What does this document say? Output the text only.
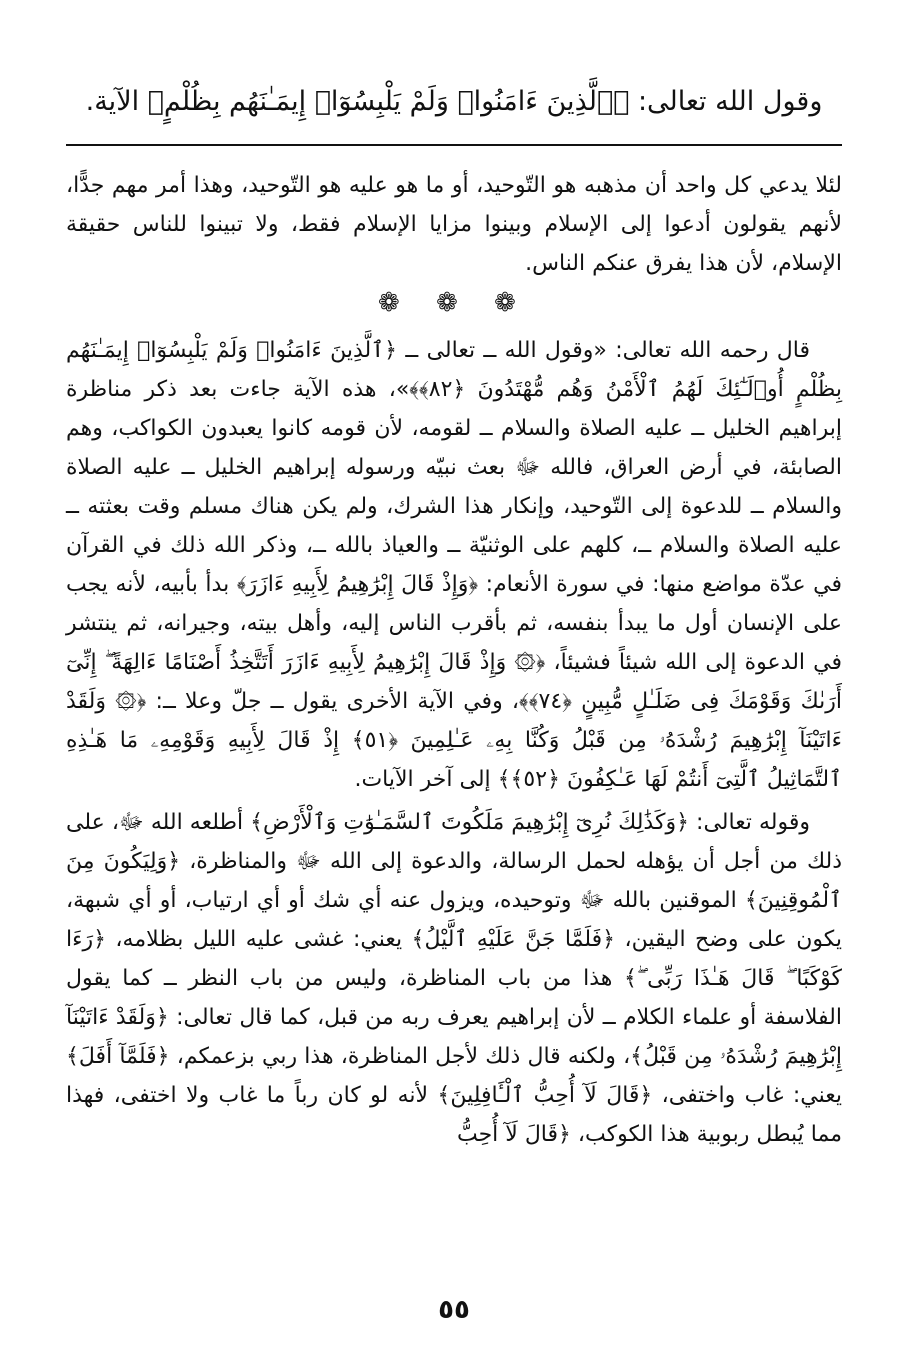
وقول الله تعالى: ﴿ٱلَّذِينَ ءَامَنُوا۟ وَلَمْ يَلْبِسُوٓا۟ إِيمَـٰنَهُم بِظُلْمٍ﴾ الآية.

لئلا يدعي كل واحد أن مذهبه هو التّوحيد، أو ما هو عليه هو التّوحيد، وهذا أمر مهم جدًّا، لأنهم يقولون أدعوا إلى الإسلام وبينوا مزايا الإسلام فقط، ولا تبينوا للناس حقيقة الإسلام، لأن هذا يفرق عنكم الناس.

❁ ❁ ❁

قال رحمه الله تعالى: «وقول الله ــ تعالى ــ ﴿ٱلَّذِينَ ءَامَنُوا۟ وَلَمْ يَلْبِسُوٓا۟ إِيمَـٰنَهُم بِظُلْمٍ أُو۟لَـٰٓئِكَ لَهُمُ ٱلْأَمْنُ وَهُم مُّهْتَدُونَ ﴿٨٢﴾﴾»، هذه الآية جاءت بعد ذكر مناظرة إبراهيم الخليل ــ عليه الصلاة والسلام ــ لقومه، لأن قومه كانوا يعبدون الكواكب، وهم الصابئة، في أرض العراق، فالله ﷻ بعث نبيّه ورسوله إبراهيم الخليل ــ عليه الصلاة والسلام ــ للدعوة إلى التّوحيد، وإنكار هذا الشرك، ولم يكن هناك مسلم وقت بعثته ــ عليه الصلاة والسلام ــ، كلهم على الوثنيّة ــ والعياذ بالله ــ، وذكر الله ذلك في القرآن في عدّة مواضع منها: في سورة الأنعام: ﴿وَإِذْ قَالَ إِبْرَٰهِيمُ لِأَبِيهِ ءَازَرَ﴾ بدأ بأبيه، لأنه يجب على الإنسان أول ما يبدأ بنفسه، ثم بأقرب الناس إليه، وأهل بيته، وجيرانه، ثم ينتشر في الدعوة إلى الله شيئاً فشيئاً، ﴿۞ وَإِذْ قَالَ إِبْرَٰهِيمُ لِأَبِيهِ ءَازَرَ أَتَتَّخِذُ أَصْنَامًا ءَالِهَةً ۖ إِنِّىٓ أَرَىٰكَ وَقَوْمَكَ فِى ضَلَـٰلٍ مُّبِينٍ ﴿٧٤﴾﴾، وفي الآية الأخرى يقول ــ جلّ وعلا ــ: ﴿۞ وَلَقَدْ ءَاتَيْنَآ إِبْرَٰهِيمَ رُشْدَهُۥ مِن قَبْلُ وَكُنَّا بِهِۦ عَـٰلِمِينَ ﴿٥١﴾ إِذْ قَالَ لِأَبِيهِ وَقَوْمِهِۦ مَا هَـٰذِهِ ٱلتَّمَاثِيلُ ٱلَّتِىٓ أَنتُمْ لَهَا عَـٰكِفُونَ ﴿٥٢﴾﴾ إلى آخر الآيات.

وقوله تعالى: ﴿وَكَذَٰلِكَ نُرِىٓ إِبْرَٰهِيمَ مَلَكُوتَ ٱلسَّمَـٰوَٰتِ وَٱلْأَرْضِ﴾ أطلعه الله ﷻ، على ذلك من أجل أن يؤهله لحمل الرسالة، والدعوة إلى الله ﷻ والمناظرة، ﴿وَلِيَكُونَ مِنَ ٱلْمُوقِنِينَ﴾ الموقنين بالله ﷻ وتوحيده، ويزول عنه أي شك أو أي ارتياب، أو أي شبهة، يكون على وضح اليقين، ﴿فَلَمَّا جَنَّ عَلَيْهِ ٱلَّيْلُ﴾ يعني: غشى عليه الليل بظلامه، ﴿رَءَا كَوْكَبًا ۖ قَالَ هَـٰذَا رَبِّى ۖ﴾ هذا من باب المناظرة، وليس من باب النظر ــ كما يقول الفلاسفة أو علماء الكلام ــ لأن إبراهيم يعرف ربه من قبل، كما قال تعالى: ﴿وَلَقَدْ ءَاتَيْنَآ إِبْرَٰهِيمَ رُشْدَهُۥ مِن قَبْلُ﴾، ولكنه قال ذلك لأجل المناظرة، هذا ربي بزعمكم، ﴿فَلَمَّآ أَفَلَ﴾ يعني: غاب واختفى، ﴿قَالَ لَآ أُحِبُّ ٱلْـَٔافِلِينَ﴾ لأنه لو كان رباً ما غاب ولا اختفى، فهذا مما يُبطل ربوبية هذا الكوكب، ﴿قَالَ لَآ أُحِبُّ

٥٥
